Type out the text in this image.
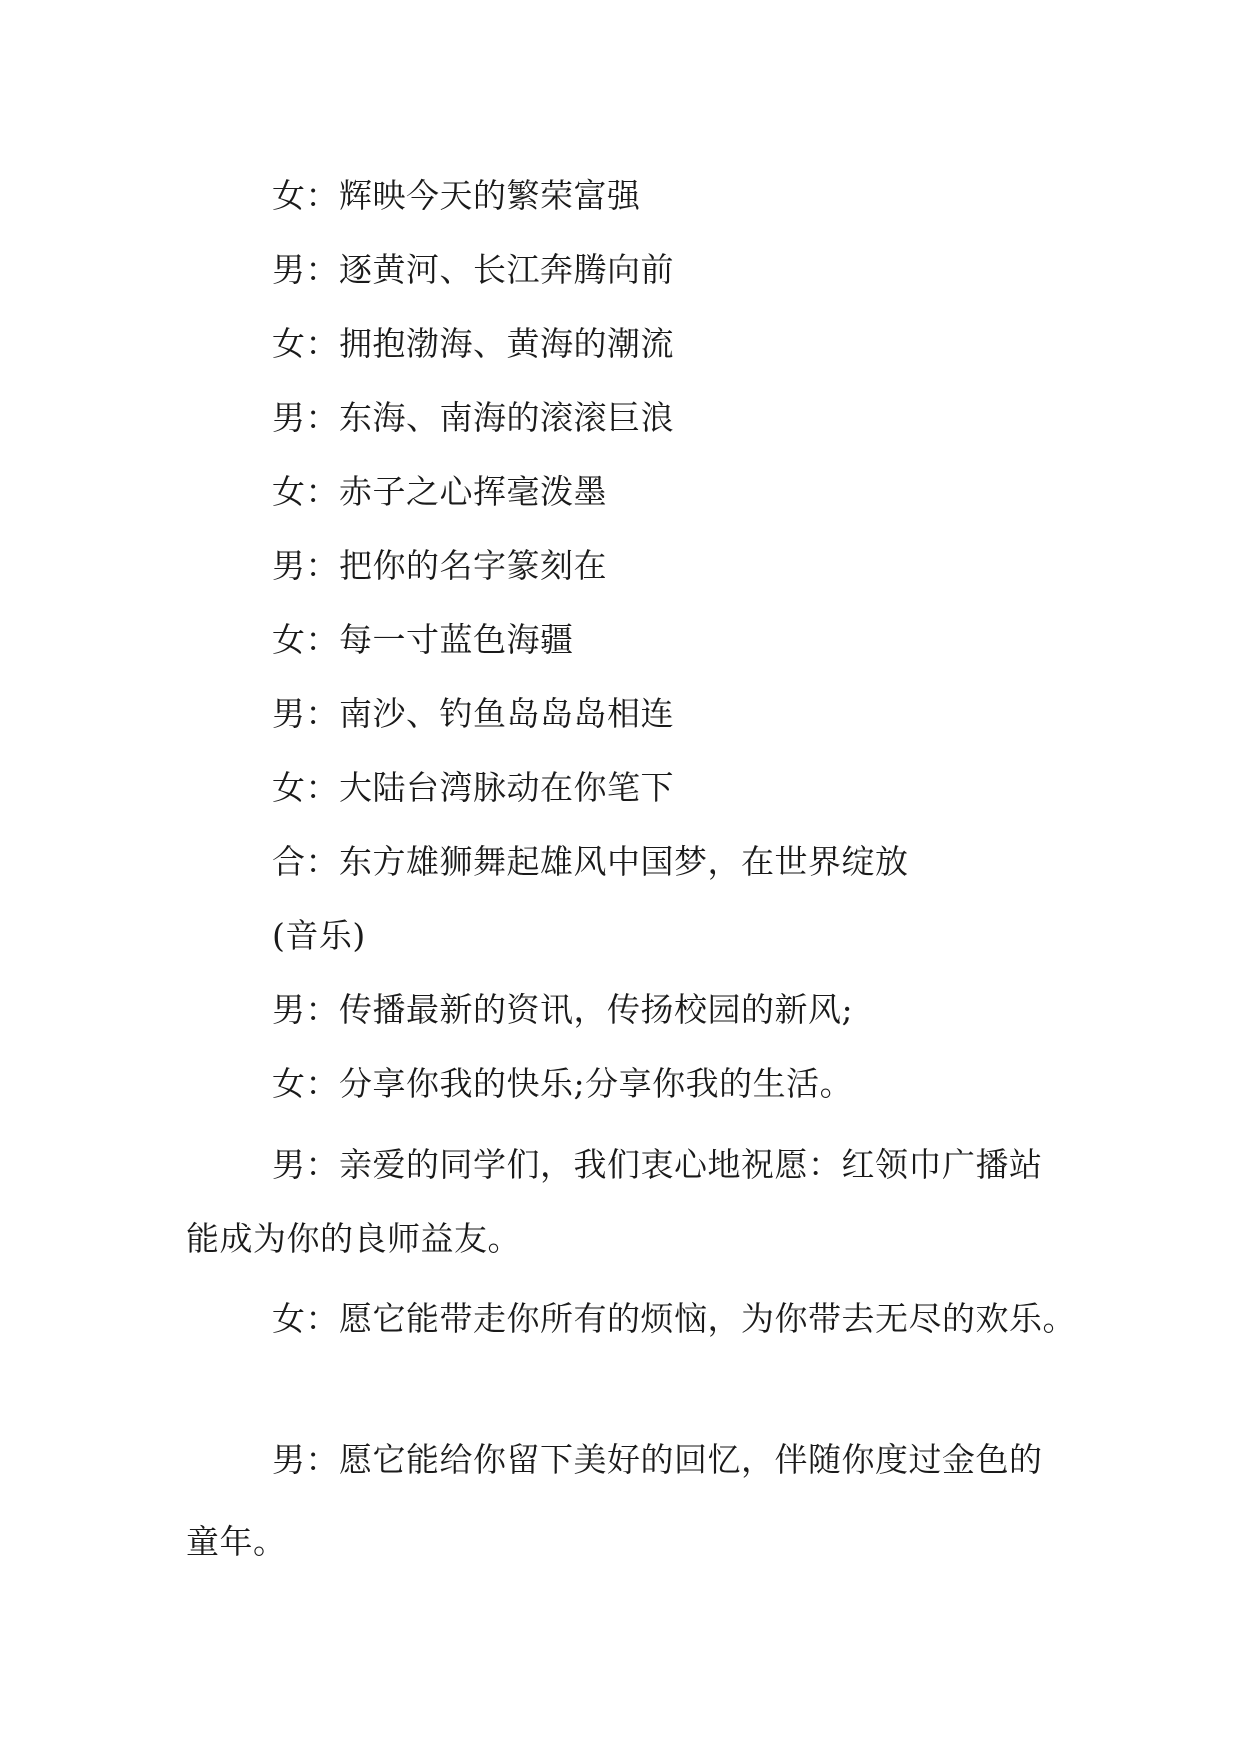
女：辉映今天的繁荣富强
男：逐黄河、长江奔腾向前
女：拥抱渤海、黄海的潮流
男：东海、南海的滚滚巨浪
女：赤子之心挥毫泼墨
男：把你的名字篆刻在
女：每一寸蓝色海疆
男：南沙、钓鱼岛岛岛相连
女：大陆台湾脉动在你笔下
合：东方雄狮舞起雄风中国梦，在世界绽放
(音乐)
男：传播最新的资讯，传扬校园的新风;
女：分享你我的快乐;分享你我的生活。
男：亲爱的同学们，我们衷心地祝愿：红领巾广播站
能成为你的良师益友。
女：愿它能带走你所有的烦恼，为你带去无尽的欢乐。
男：愿它能给你留下美好的回忆，伴随你度过金色的
童年。
